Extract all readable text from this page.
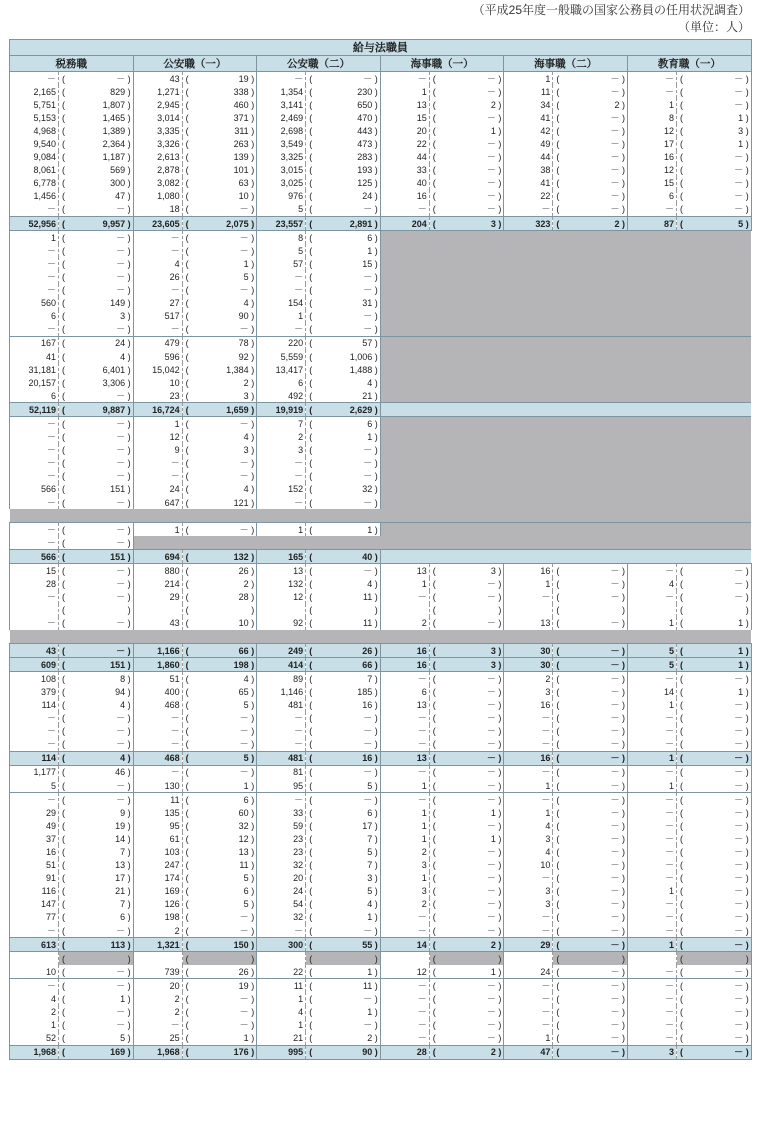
（平成25年度一般職の国家公務員の任用状況調査）
（単位：人）
給与法職員											
税務職		公安職（一）		公安職（二）		海事職（一）		海事職（二）		教育職（一）	
－	( － )	43	( 19 )	－	( － )	－	( － )	1	( － )	－	( － )
2,165	( 829 )	1,271	( 338 )	1,354	( 230 )	1	( － )	11	( － )	－	( － )
5,751	( 1,807 )	2,945	( 460 )	3,141	( 650 )	13	( 2 )	34	( 2 )	1	( － )
5,153	( 1,465 )	3,014	( 371 )	2,469	( 470 )	15	( － )	41	( － )	8	( 1 )
4,968	( 1,389 )	3,335	( 311 )	2,698	( 443 )	20	( 1 )	42	( － )	12	( 3 )
9,540	( 2,364 )	3,326	( 263 )	3,549	( 473 )	22	( － )	49	( － )	17	( 1 )
9,084	( 1,187 )	2,613	( 139 )	3,325	( 283 )	44	( － )	44	( － )	16	( － )
8,061	( 569 )	2,878	( 101 )	3,015	( 193 )	33	( － )	38	( － )	12	( － )
6,778	( 300 )	3,082	( 63 )	3,025	( 125 )	40	( － )	41	( － )	15	( － )
1,456	( 47 )	1,080	( 10 )	976	( 24 )	16	( － )	22	( － )	6	( － )
－	( － )	18	( － )	5	( － )	－	( － )	－	( － )	－	( － )
52,956	( 9,957 )	23,605	( 2,075 )	23,557	( 2,891 )	204	( 3 )	323	( 2 )	87	( 5 )
1	( － )	－	( － )	8	( 6 )	
－	( － )	－	( － )	5	( 1 )	
－	( － )	4	( 1 )	57	( 15 )	
－	( － )	26	( 5 )	－	( － )	
－	( － )	－	( － )	－	( － )	
560	( 149 )	27	( 4 )	154	( 31 )	
6	( 3 )	517	( 90 )	1	( － )	
－	( － )	－	( － )	－	( － )	
167	( 24 )	479	( 78 )	220	( 57 )	
41	( 4 )	596	( 92 )	5,559	( 1,006 )	
31,181	( 6,401 )	15,042	( 1,384 )	13,417	( 1,488 )	
20,157	( 3,306 )	10	( 2 )	6	( 4 )	
6	( － )	23	( 3 )	492	( 21 )	
52,119	( 9,887 )	16,724	( 1,659 )	19,919	( 2,629 )	
－	( － )	1	( － )	7	( 6 )	
－	( － )	12	( 4 )	2	( 1 )	
－	( － )	9	( 3 )	3	( － )	
－	( － )	－	( － )	－	( － )	
－	( － )	－	( － )	－	( － )	
566	( 151 )	24	( 4 )	152	( 32 )	
－	( － )	647	( 121 )	－	( － )	

－	( － )	1	( － )	1	( 1 )	
－	( － )		
566	( 151 )	694	( 132 )	165	( 40 )	
15	( － )	880	( 26 )	13	( － )	13	( 3 )	16	( － )	－	( － )
28	( － )	214	( 2 )	132	( 4 )	1	( － )	1	( － )	4	( － )
－	( － )	29	( 28 )	12	( 11 )	－	( － )	－	( － )	－	( － )
	( )		( )		( )		( )		( )		( )
－	( － )	43	( 10 )	92	( 11 )	2	( － )	13	( － )	1	( 1 )

43	( － )	1,166	( 66 )	249	( 26 )	16	( 3 )	30	( － )	5	( 1 )
609	( 151 )	1,860	( 198 )	414	( 66 )	16	( 3 )	30	( － )	5	( 1 )
108	( 8 )	51	( 4 )	89	( 7 )	－	( － )	2	( － )	－	( － )
379	( 94 )	400	( 65 )	1,146	( 185 )	6	( － )	3	( － )	14	( 1 )
114	( 4 )	468	( 5 )	481	( 16 )	13	( － )	16	( － )	1	( － )
－	( － )	－	( － )	－	( － )	－	( － )	－	( － )	－	( － )
－	( － )	－	( － )	－	( － )	－	( － )	－	( － )	－	( － )
－	( － )	－	( － )	－	( － )	－	( － )	－	( － )	－	( － )
114	( 4 )	468	( 5 )	481	( 16 )	13	( － )	16	( － )	1	( － )
1,177	( 46 )	－	( － )	81	( － )	－	( － )	－	( － )	－	( － )
5	( － )	130	( 1 )	95	( 5 )	1	( － )	1	( － )	1	( － )
－	( － )	11	( 6 )	－	( － )	－	( － )	－	( － )	－	( － )
29	( 9 )	135	( 60 )	33	( 6 )	1	( 1 )	1	( － )	－	( － )
49	( 19 )	95	( 32 )	59	( 17 )	1	( － )	4	( － )	－	( － )
37	( 14 )	61	( 12 )	23	( 7 )	1	( 1 )	3	( － )	－	( － )
16	( 7 )	103	( 13 )	23	( 5 )	2	( － )	4	( － )	－	( － )
51	( 13 )	247	( 11 )	32	( 7 )	3	( － )	10	( － )	－	( － )
91	( 17 )	174	( 5 )	20	( 3 )	1	( － )	－	( － )	－	( － )
116	( 21 )	169	( 6 )	24	( 5 )	3	( － )	3	( － )	1	( － )
147	( 7 )	126	( 5 )	54	( 4 )	2	( － )	3	( － )	－	( － )
77	( 6 )	198	( － )	32	( 1 )	－	( － )	－	( － )	－	( － )
－	( － )	2	( － )	－	( － )	－	( － )	－	( － )	－	( － )
613	( 113 )	1,321	( 150 )	300	( 55 )	14	( 2 )	29	( － )	1	( － )
	( )		( )		( )		( )		( )		( )
10	( － )	739	( 26 )	22	( 1 )	12	( 1 )	24	( － )	－	( － )
－	( － )	20	( 19 )	11	( 11 )	－	( － )	－	( － )	－	( － )
4	( 1 )	2	( － )	1	( － )	－	( － )	－	( － )	－	( － )
2	( － )	2	( － )	4	( 1 )	－	( － )	－	( － )	－	( － )
1	( － )	－	( － )	1	( － )	－	( － )	－	( － )	－	( － )
52	( 5 )	25	( 1 )	21	( 2 )	－	( － )	1	( － )	－	( － )
1,968	( 169 )	1,968	( 176 )	995	( 90 )	28	( 2 )	47	( － )	3	( － )
